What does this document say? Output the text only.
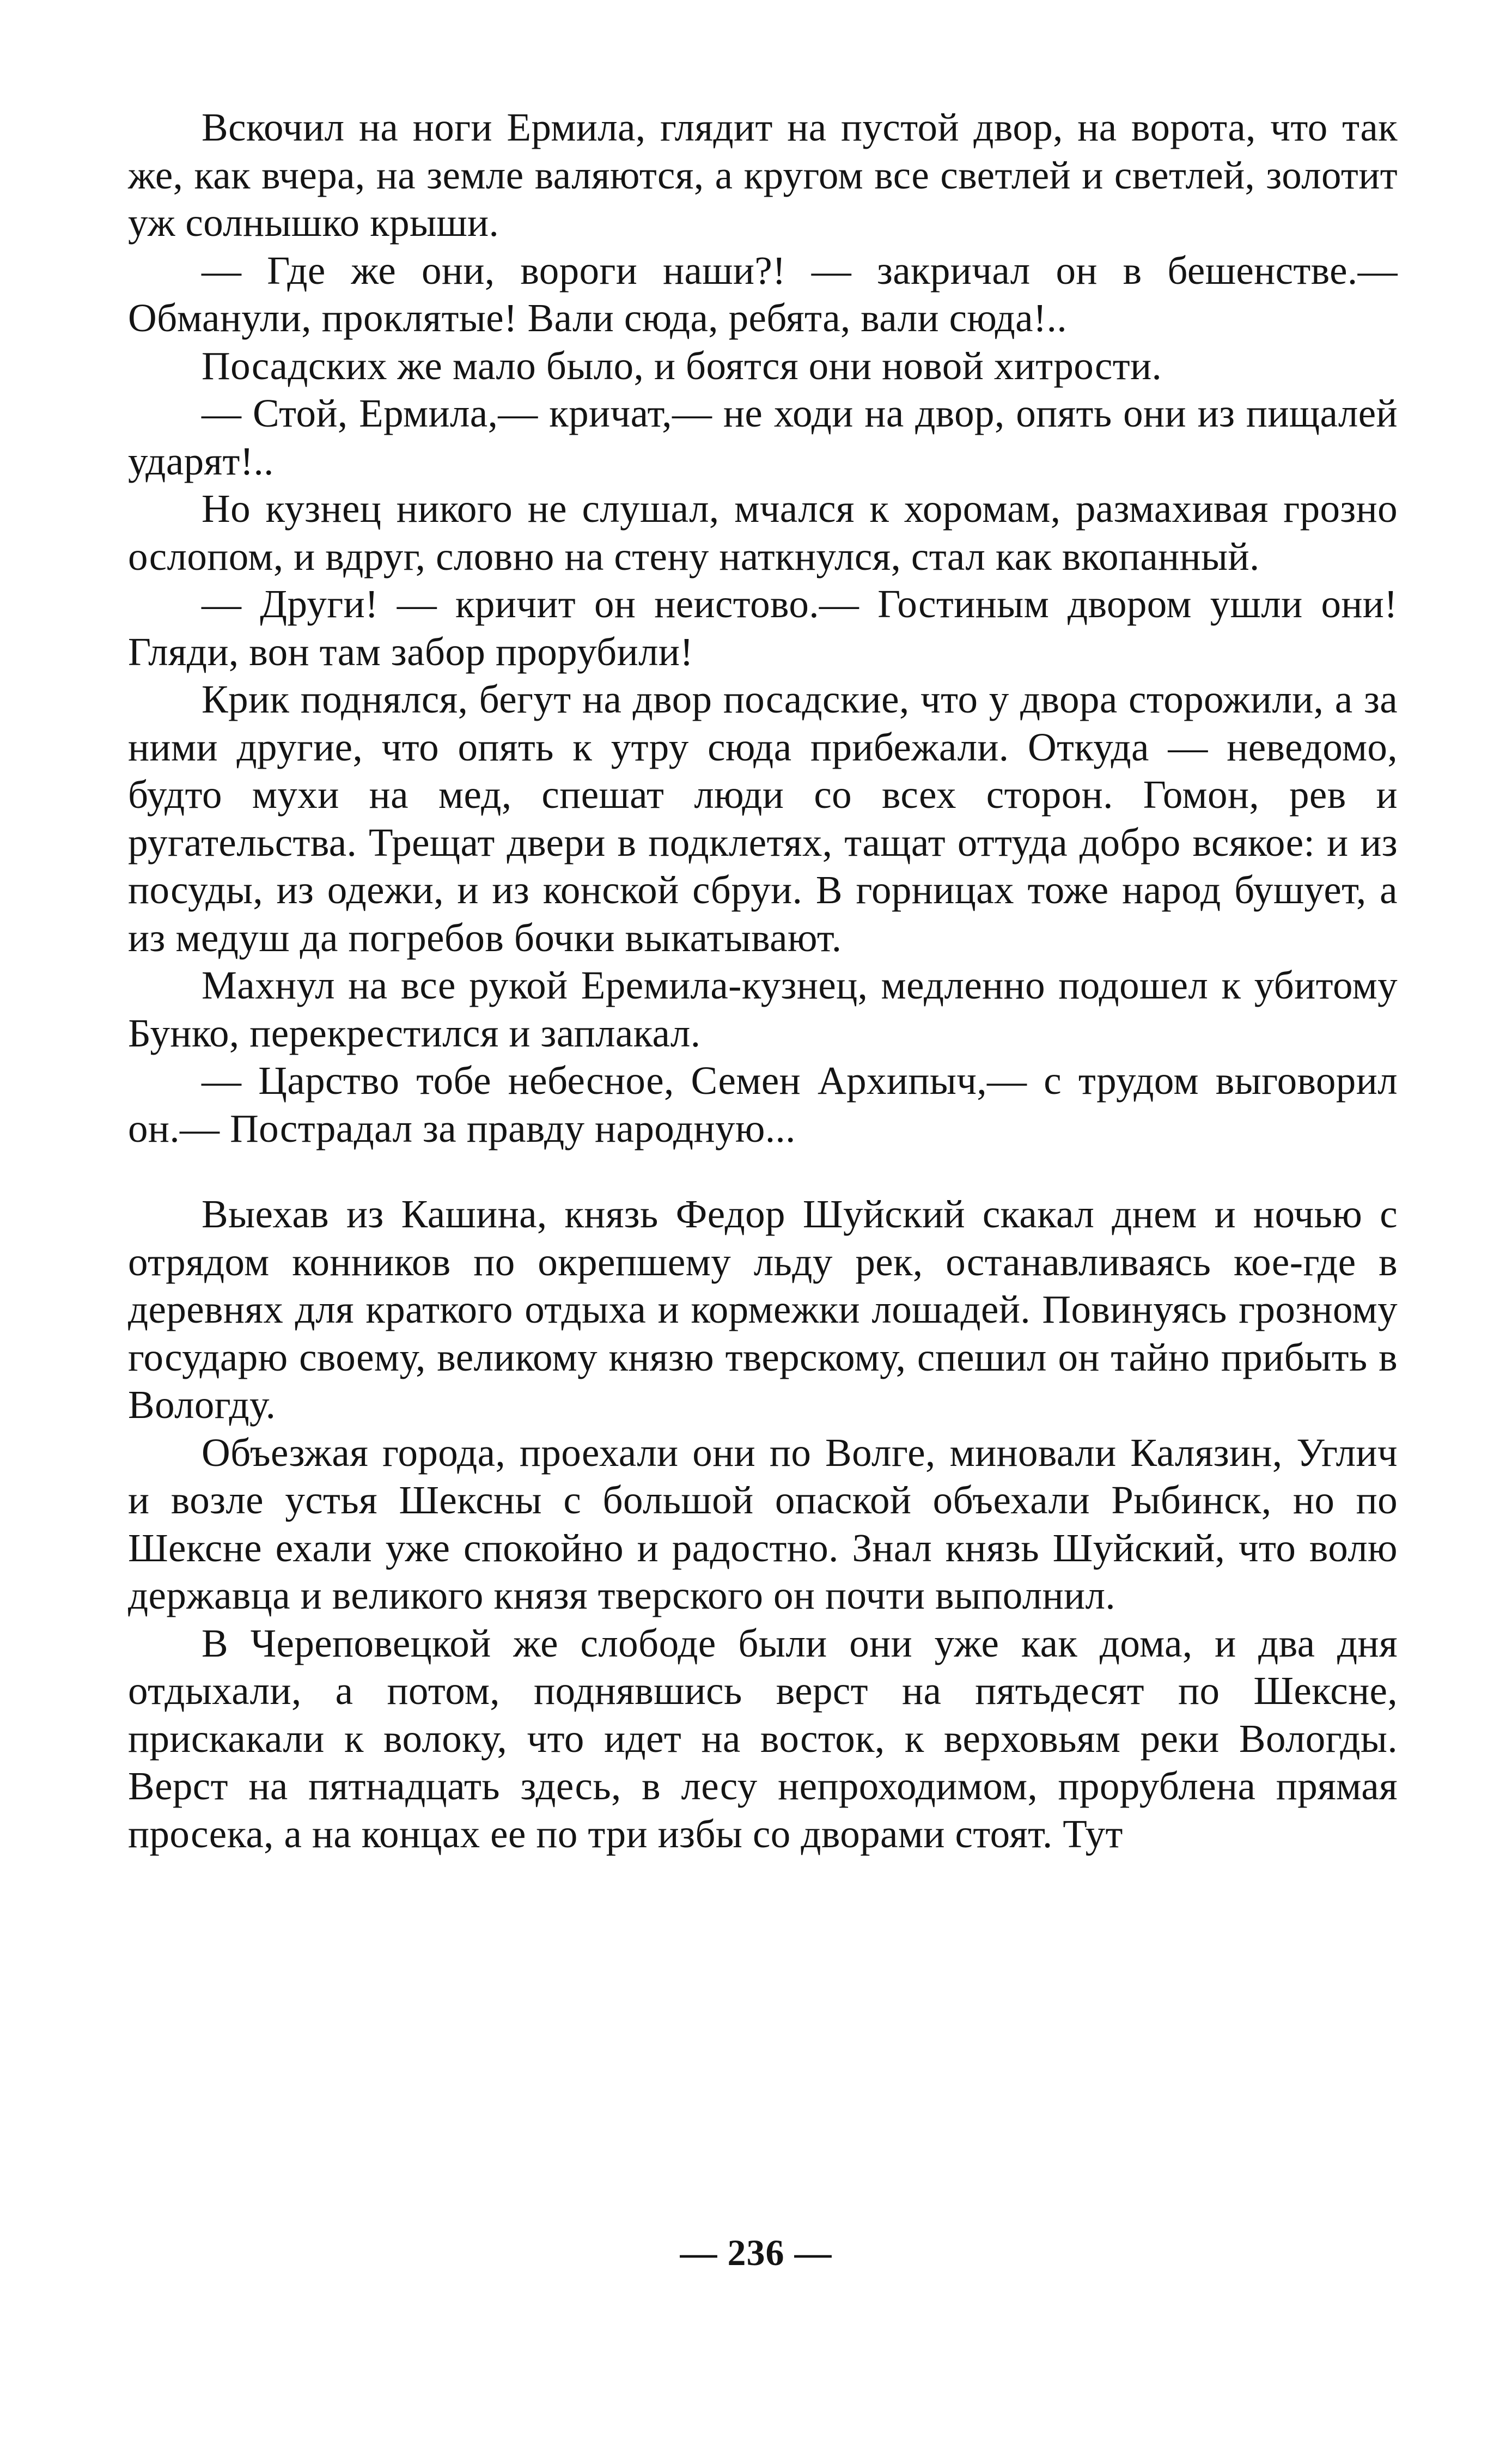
Вскочил на ноги Ермила, глядит на пустой двор, на ворота, что так же, как вчера, на земле валяются, а кругом все светлей и светлей, золотит уж солнышко крыши.

— Где же они, вороги наши?! — закричал он в бешенстве.— Обманули, проклятые! Вали сюда, ребята, вали сюда!..

Посадских же мало было, и боятся они новой хитрости.

— Стой, Ермила,— кричат,— не ходи на двор, опять они из пищалей ударят!..

Но кузнец никого не слушал, мчался к хоромам, размахивая грозно ослопом, и вдруг, словно на стену наткнулся, стал как вкопанный.

— Други! — кричит он неистово.— Гостиным двором ушли они! Гляди, вон там забор прорубили!

Крик поднялся, бегут на двор посадские, что у двора сторожили, а за ними другие, что опять к утру сюда прибежали. Откуда — неведомо, будто мухи на мед, спешат люди со всех сторон. Гомон, рев и ругательства. Трещат двери в подклетях, тащат оттуда добро всякое: и из посуды, из одежи, и из конской сбруи. В горницах тоже народ бушует, а из медуш да погребов бочки выкатывают.

Махнул на все рукой Еремила-кузнец, медленно подошел к убитому Бунко, перекрестился и заплакал.

— Царство тобе небесное, Семен Архипыч,— с трудом выговорил он.— Пострадал за правду народную...

Выехав из Кашина, князь Федор Шуйский скакал днем и ночью с отрядом конников по окрепшему льду рек, останавливаясь кое-где в деревнях для краткого отдыха и кормежки лошадей. Повинуясь грозному государю своему, великому князю тверскому, спешил он тайно прибыть в Вологду.

Объезжая города, проехали они по Волге, миновали Калязин, Углич и возле устья Шексны с большой опаской объехали Рыбинск, но по Шексне ехали уже спокойно и радостно. Знал князь Шуйский, что волю державца и великого князя тверского он почти выполнил.

В Череповецкой же слободе были они уже как дома, и два дня отдыхали, а потом, поднявшись верст на пятьдесят по Шексне, прискакали к волоку, что идет на восток, к верховьям реки Вологды. Верст на пятнадцать здесь, в лесу непроходимом, прорублена прямая просека, а на концах ее по три избы со дворами стоят. Тут

— 236 —
